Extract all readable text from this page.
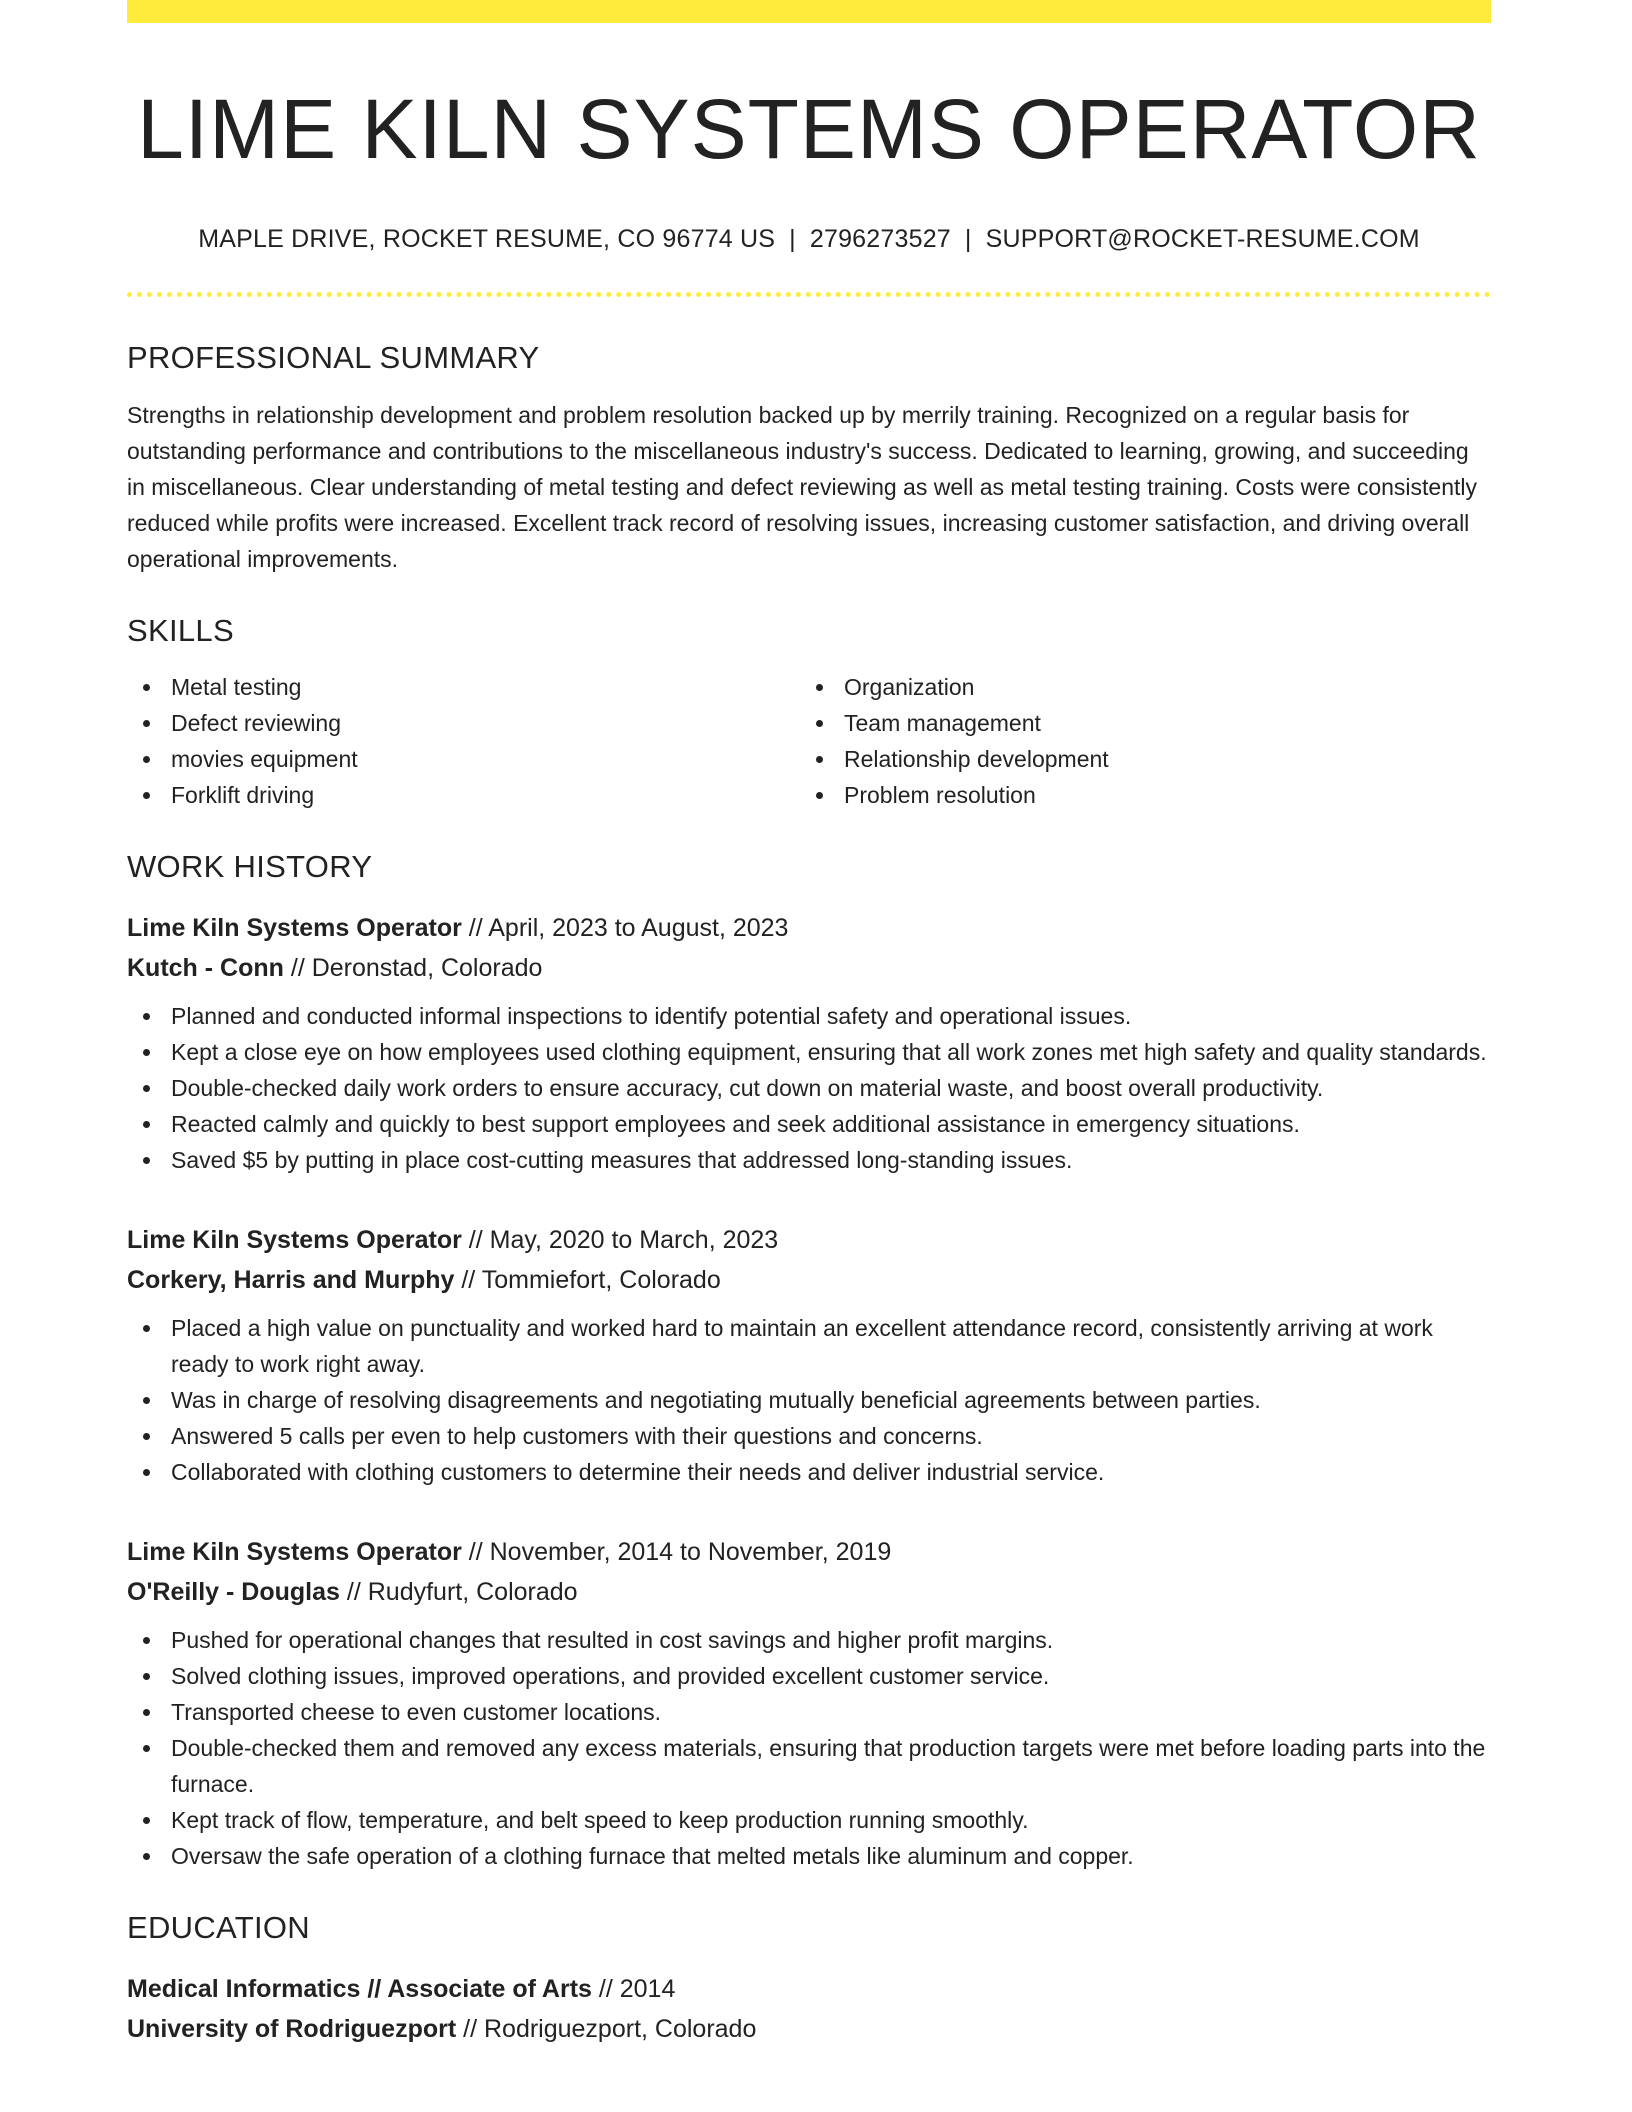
LIME KILN SYSTEMS OPERATOR
MAPLE DRIVE, ROCKET RESUME, CO 96774 US | 2796273527 | SUPPORT@ROCKET-RESUME.COM
PROFESSIONAL SUMMARY

Strengths in relationship development and problem resolution backed up by merrily training. Recognized on a regular basis for outstanding performance and contributions to the miscellaneous industry's success. Dedicated to learning, growing, and succeeding in miscellaneous. Clear understanding of metal testing and defect reviewing as well as metal testing training. Costs were consistently reduced while profits were increased. Excellent track record of resolving issues, increasing customer satisfaction, and driving overall operational improvements.

SKILLS
Metal testing
Defect reviewing
movies equipment
Forklift driving
Organization
Team management
Relationship development
Problem resolution
WORK HISTORY
Lime Kiln Systems Operator // April, 2023 to August, 2023
Kutch - Conn // Deronstad, Colorado
Planned and conducted informal inspections to identify potential safety and operational issues.
Kept a close eye on how employees used clothing equipment, ensuring that all work zones met high safety and quality standards.
Double-checked daily work orders to ensure accuracy, cut down on material waste, and boost overall productivity.
Reacted calmly and quickly to best support employees and seek additional assistance in emergency situations.
Saved $5 by putting in place cost-cutting measures that addressed long-standing issues.
Lime Kiln Systems Operator // May, 2020 to March, 2023
Corkery, Harris and Murphy // Tommiefort, Colorado
Placed a high value on punctuality and worked hard to maintain an excellent attendance record, consistently arriving at work ready to work right away.
Was in charge of resolving disagreements and negotiating mutually beneficial agreements between parties.
Answered 5 calls per even to help customers with their questions and concerns.
Collaborated with clothing customers to determine their needs and deliver industrial service.
Lime Kiln Systems Operator // November, 2014 to November, 2019
O'Reilly - Douglas // Rudyfurt, Colorado
Pushed for operational changes that resulted in cost savings and higher profit margins.
Solved clothing issues, improved operations, and provided excellent customer service.
Transported cheese to even customer locations.
Double-checked them and removed any excess materials, ensuring that production targets were met before loading parts into the furnace.
Kept track of flow, temperature, and belt speed to keep production running smoothly.
Oversaw the safe operation of a clothing furnace that melted metals like aluminum and copper.
EDUCATION
Medical Informatics // Associate of Arts // 2014
University of Rodriguezport // Rodriguezport, Colorado
